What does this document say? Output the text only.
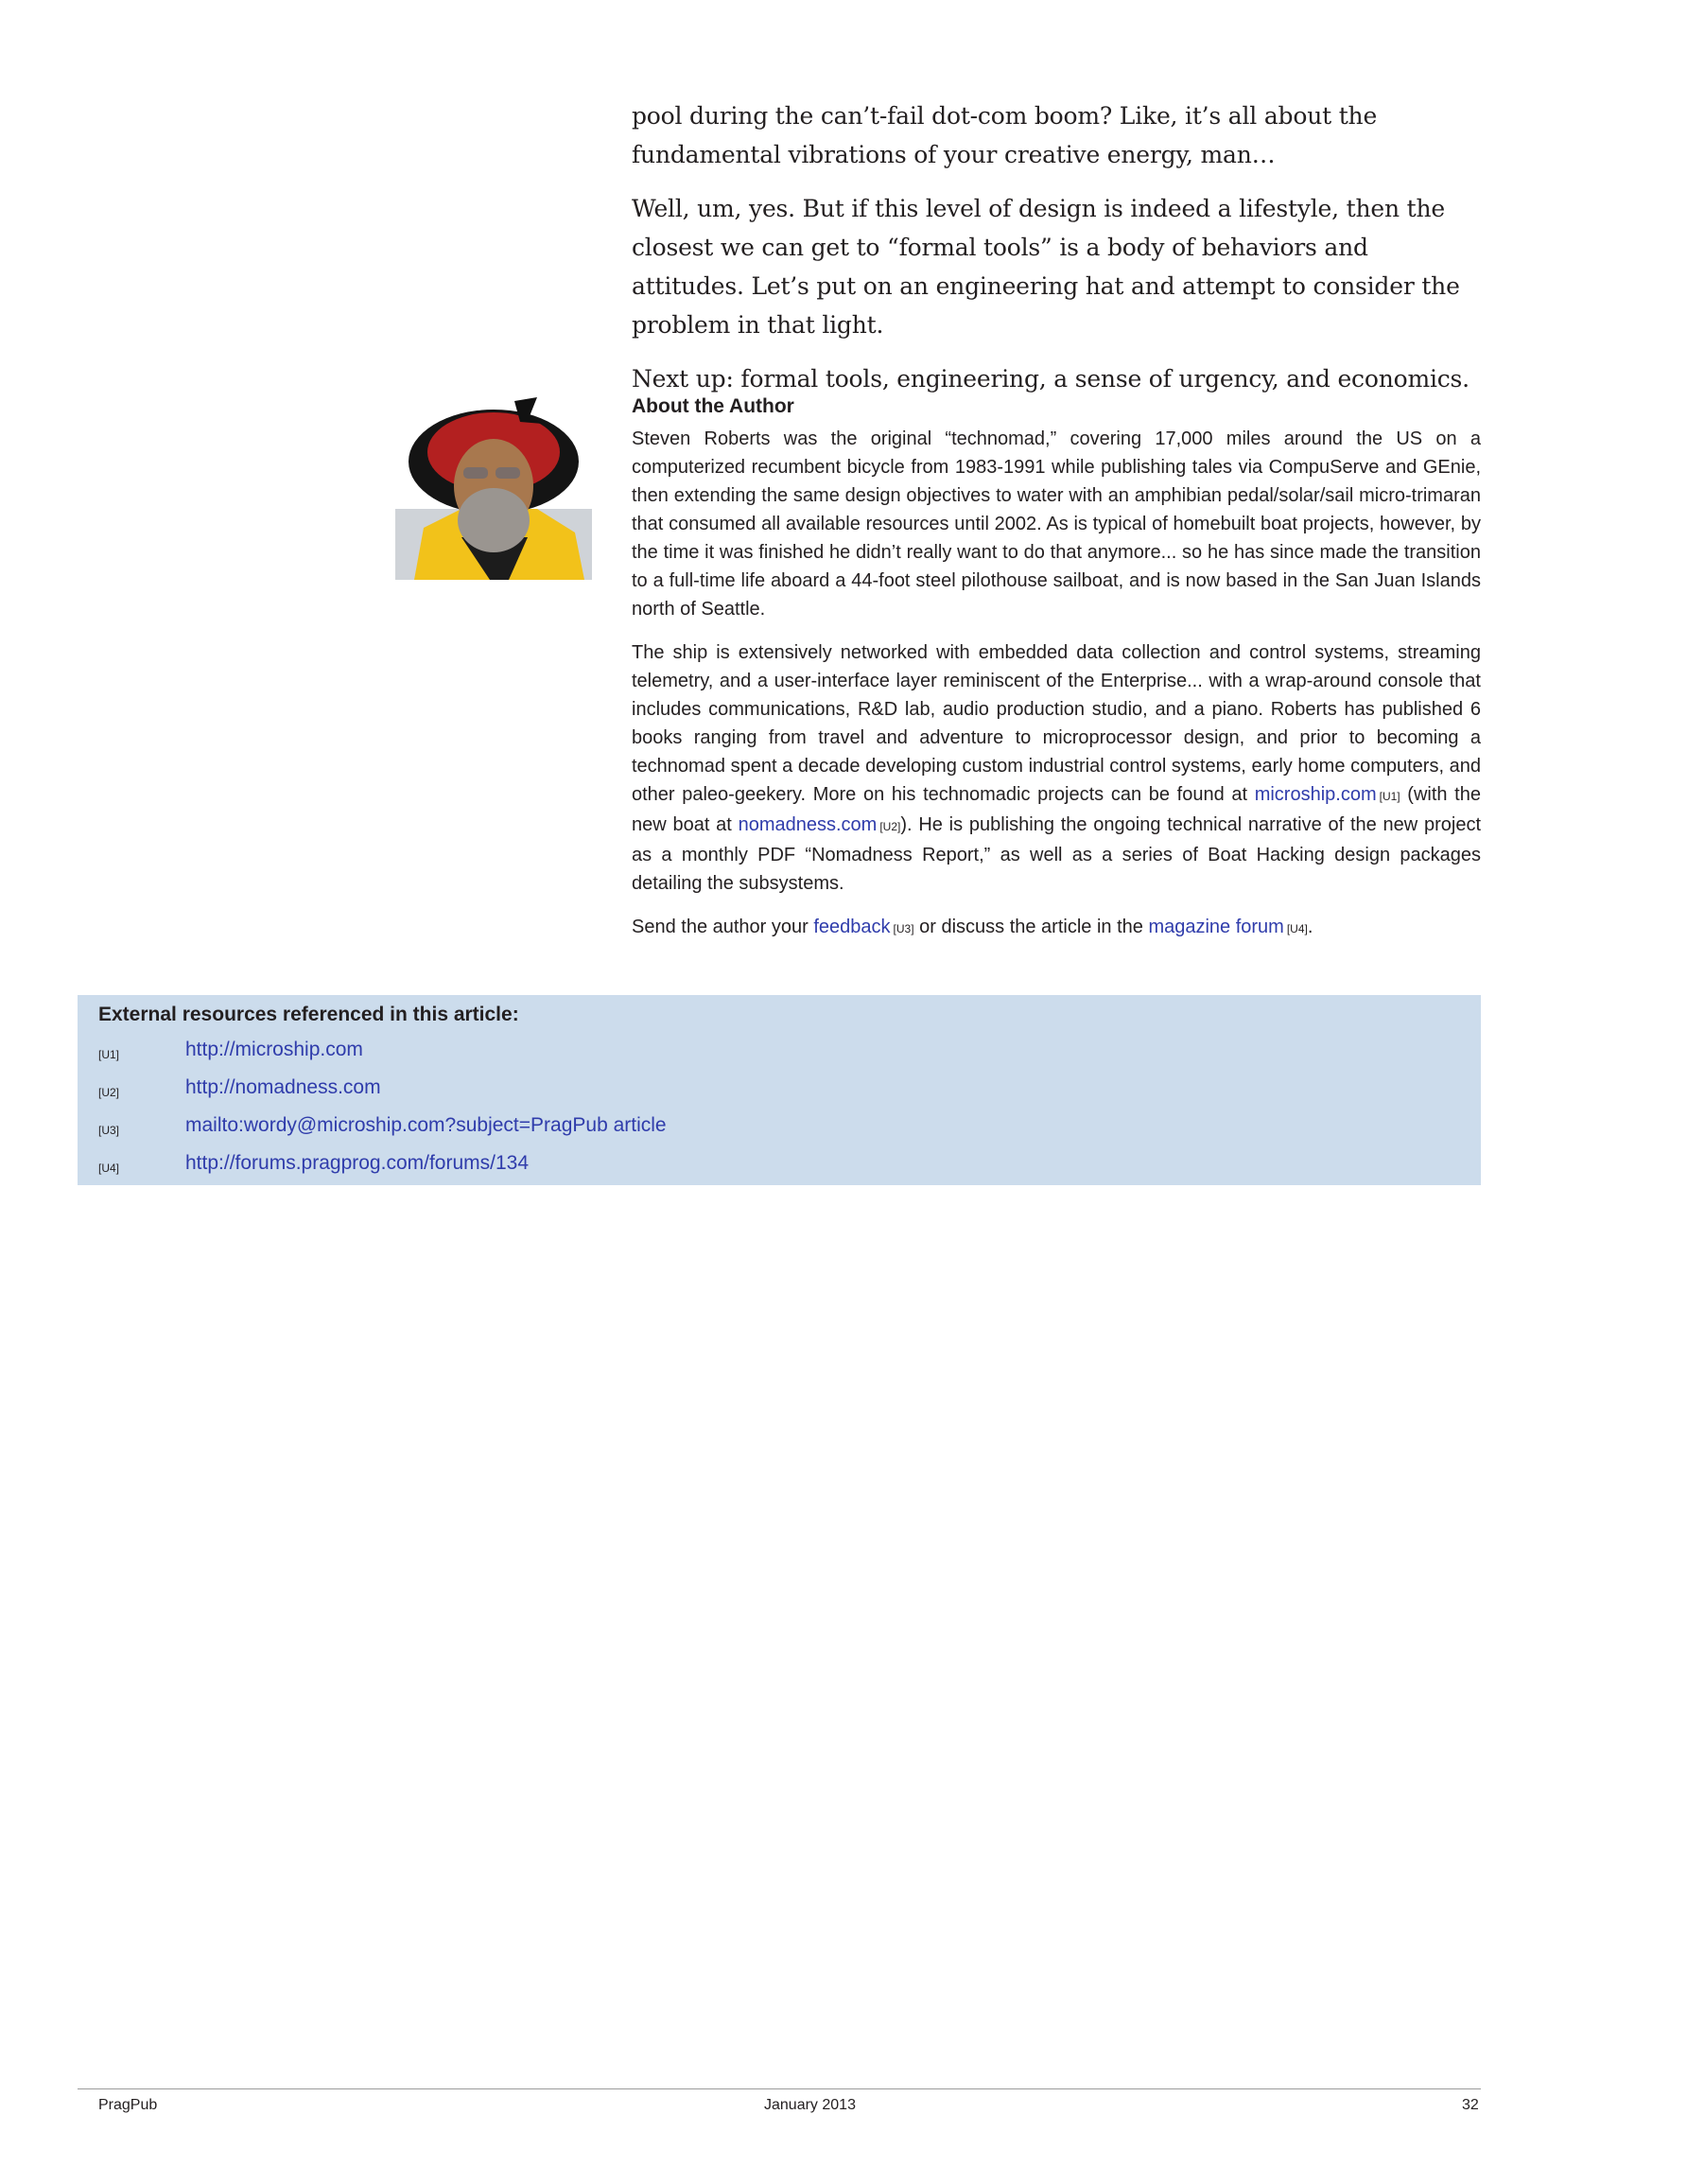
pool during the can’t-fail dot-com boom? Like, it’s all about the fundamental vibrations of your creative energy, man…

Well, um, yes. But if this level of design is indeed a lifestyle, then the closest we can get to “formal tools” is a body of behaviors and attitudes. Let’s put on an engineering hat and attempt to consider the problem in that light.

Next up: formal tools, engineering, a sense of urgency, and economics.

About the Author

Steven Roberts was the original “technomad,” covering 17,000 miles around the US on a computerized recumbent bicycle from 1983-1991 while publishing tales via CompuServe and GEnie, then extending the same design objectives to water with an amphibian pedal/solar/sail micro-trimaran that consumed all available resources until 2002. As is typical of homebuilt boat projects, however, by the time it was finished he didn’t really want to do that anymore... so he has since made the transition to a full-time life aboard a 44-foot steel pilothouse sailboat, and is now based in the San Juan Islands north of Seattle.

The ship is extensively networked with embedded data collection and control systems, streaming telemetry, and a user-interface layer reminiscent of the Enterprise... with a wrap-around console that includes communications, R&D lab, audio production studio, and a piano. Roberts has published 6 books ranging from travel and adventure to microprocessor design, and prior to becoming a technomad spent a decade developing custom industrial control systems, early home computers, and other paleo-geekery. More on his technomadic projects can be found at microship.com [U1] (with the new boat at nomadness.com [U2]). He is publishing the ongoing technical narrative of the new project as a monthly PDF “Nomadness Report,” as well as a series of Boat Hacking design packages detailing the subsystems.

Send the author your feedback [U3] or discuss the article in the magazine forum [U4].

External resources referenced in this article:
[U1]	http://microship.com
[U2]	http://nomadness.com
[U3]	mailto:wordy@microship.com?subject=PragPub article
[U4]	http://forums.pragprog.com/forums/134
PragPub	January 2013	32
